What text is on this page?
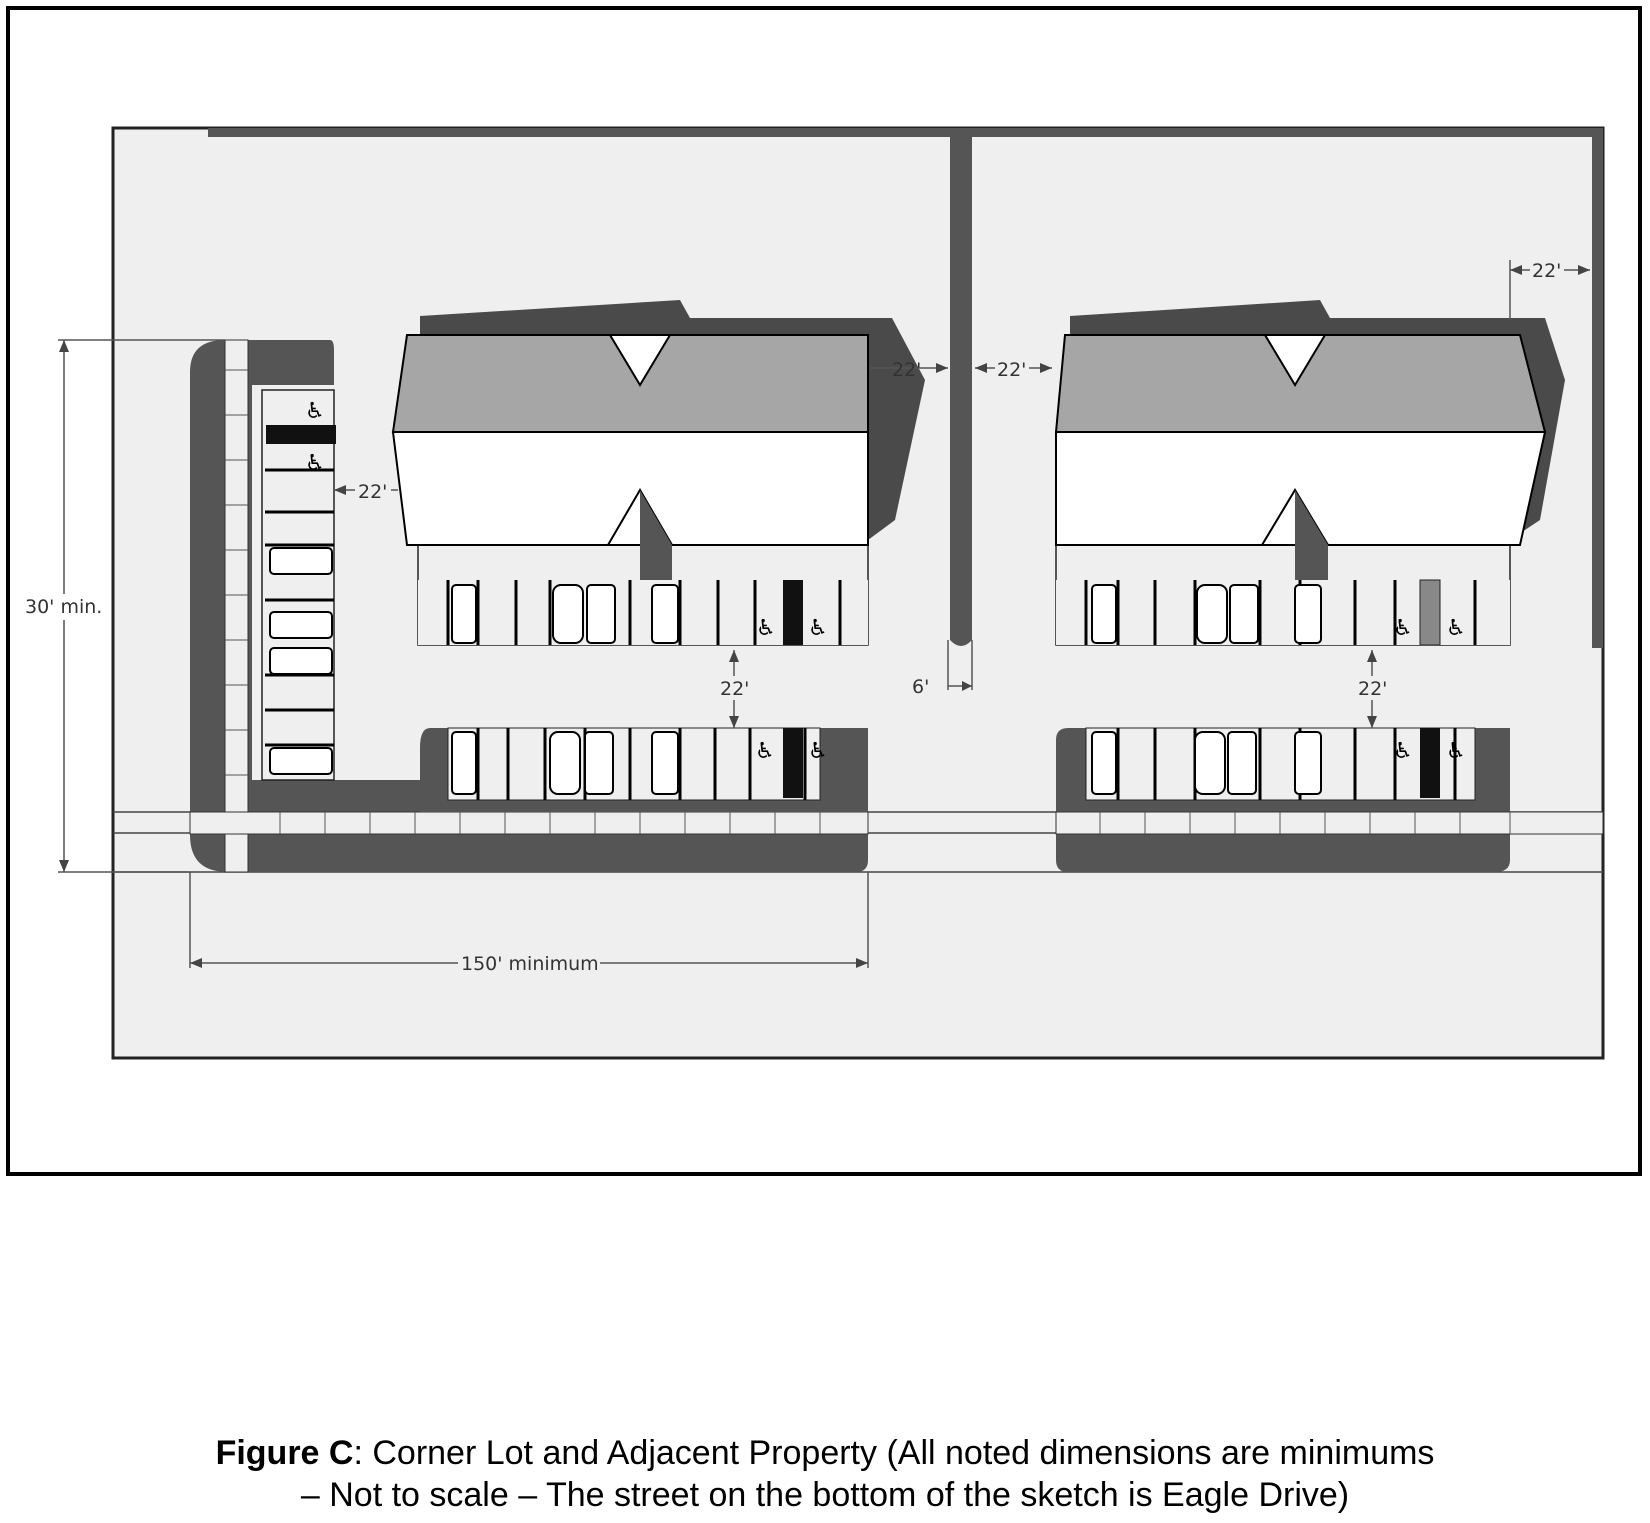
♿
♿
♿ ♿
♿ ♿
♿ ♿
♿ ♿
22'
22'	22'
22'
22'	22'
6'
30' min.
150' minimum
Figure C: Corner Lot and Adjacent Property (All noted dimensions are minimums
– Not to scale – The street on the bottom of the sketch is Eagle Drive)
